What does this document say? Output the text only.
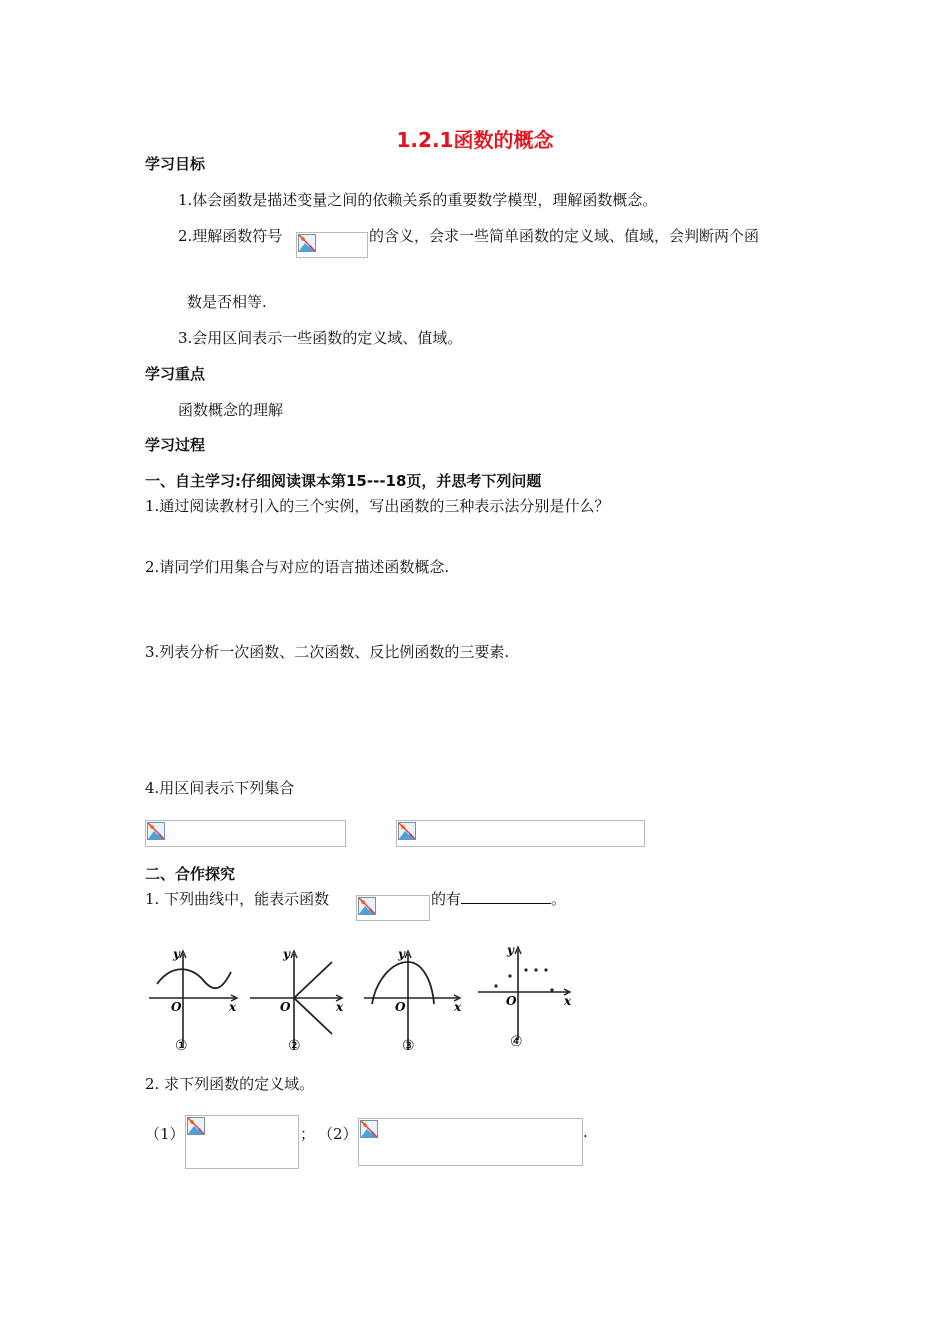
1.2.1函数的概念
学习目标
1.体会函数是描述变量之间的依赖关系的重要数学模型，理解函数概念。
2.理解函数符号	的含义，会求一些简单函数的定义域、值域，会判断两个函
数是否相等.
3.会用区间表示一些函数的定义域、值域。
学习重点
函数概念的理解
学习过程
一、自主学习:仔细阅读课本第15---18页，并思考下列问题
1.通过阅读教材引入的三个实例，写出函数的三种表示法分别是什么？
2.请同学们用集合与对应的语言描述函数概念.
3.列表分析一次函数、二次函数、反比例函数的三要素.
4.用区间表示下列集合
二、合作探究
1. 下列曲线中，能表示函数	的有	。
y
x
O
①
y
x
O
②
y
x
O
③
y
x
O
④
2. 求下列函数的定义域。
（1）	； （2）	.
